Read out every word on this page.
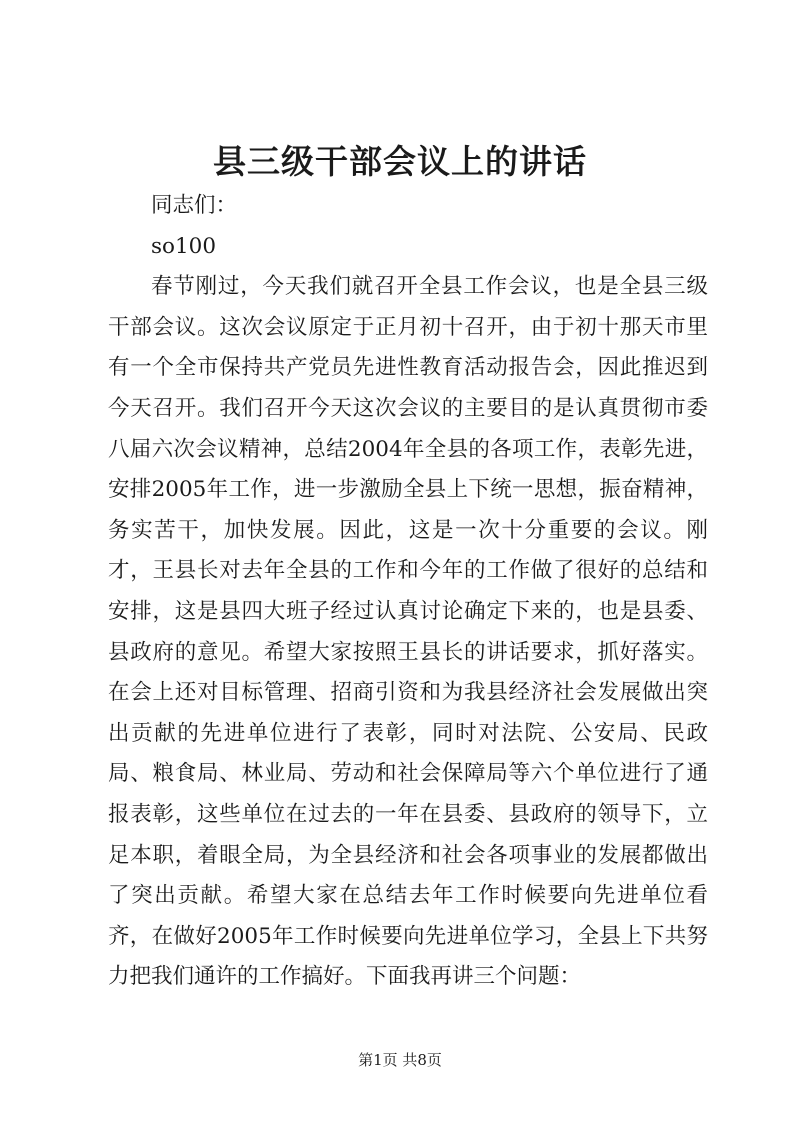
县三级干部会议上的讲话

同志们：

so100

春节刚过，今天我们就召开全县工作会议，也是全县三级干部会议。这次会议原定于正月初十召开，由于初十那天市里有一个全市保持共产党员先进性教育活动报告会，因此推迟到今天召开。我们召开今天这次会议的主要目的是认真贯彻市委八届六次会议精神，总结2004年全县的各项工作，表彰先进，安排2005年工作，进一步激励全县上下统一思想，振奋精神，务实苦干，加快发展。因此，这是一次十分重要的会议。刚才，王县长对去年全县的工作和今年的工作做了很好的总结和安排，这是县四大班子经过认真讨论确定下来的，也是县委、县政府的意见。希望大家按照王县长的讲话要求，抓好落实。在会上还对目标管理、招商引资和为我县经济社会发展做出突出贡献的先进单位进行了表彰，同时对法院、公安局、民政局、粮食局、林业局、劳动和社会保障局等六个单位进行了通报表彰，这些单位在过去的一年在县委、县政府的领导下，立足本职，着眼全局，为全县经济和社会各项事业的发展都做出了突出贡献。希望大家在总结去年工作时候要向先进单位看齐，在做好2005年工作时候要向先进单位学习，全县上下共努力把我们通许的工作搞好。下面我再讲三个问题：

第1页 共8页
